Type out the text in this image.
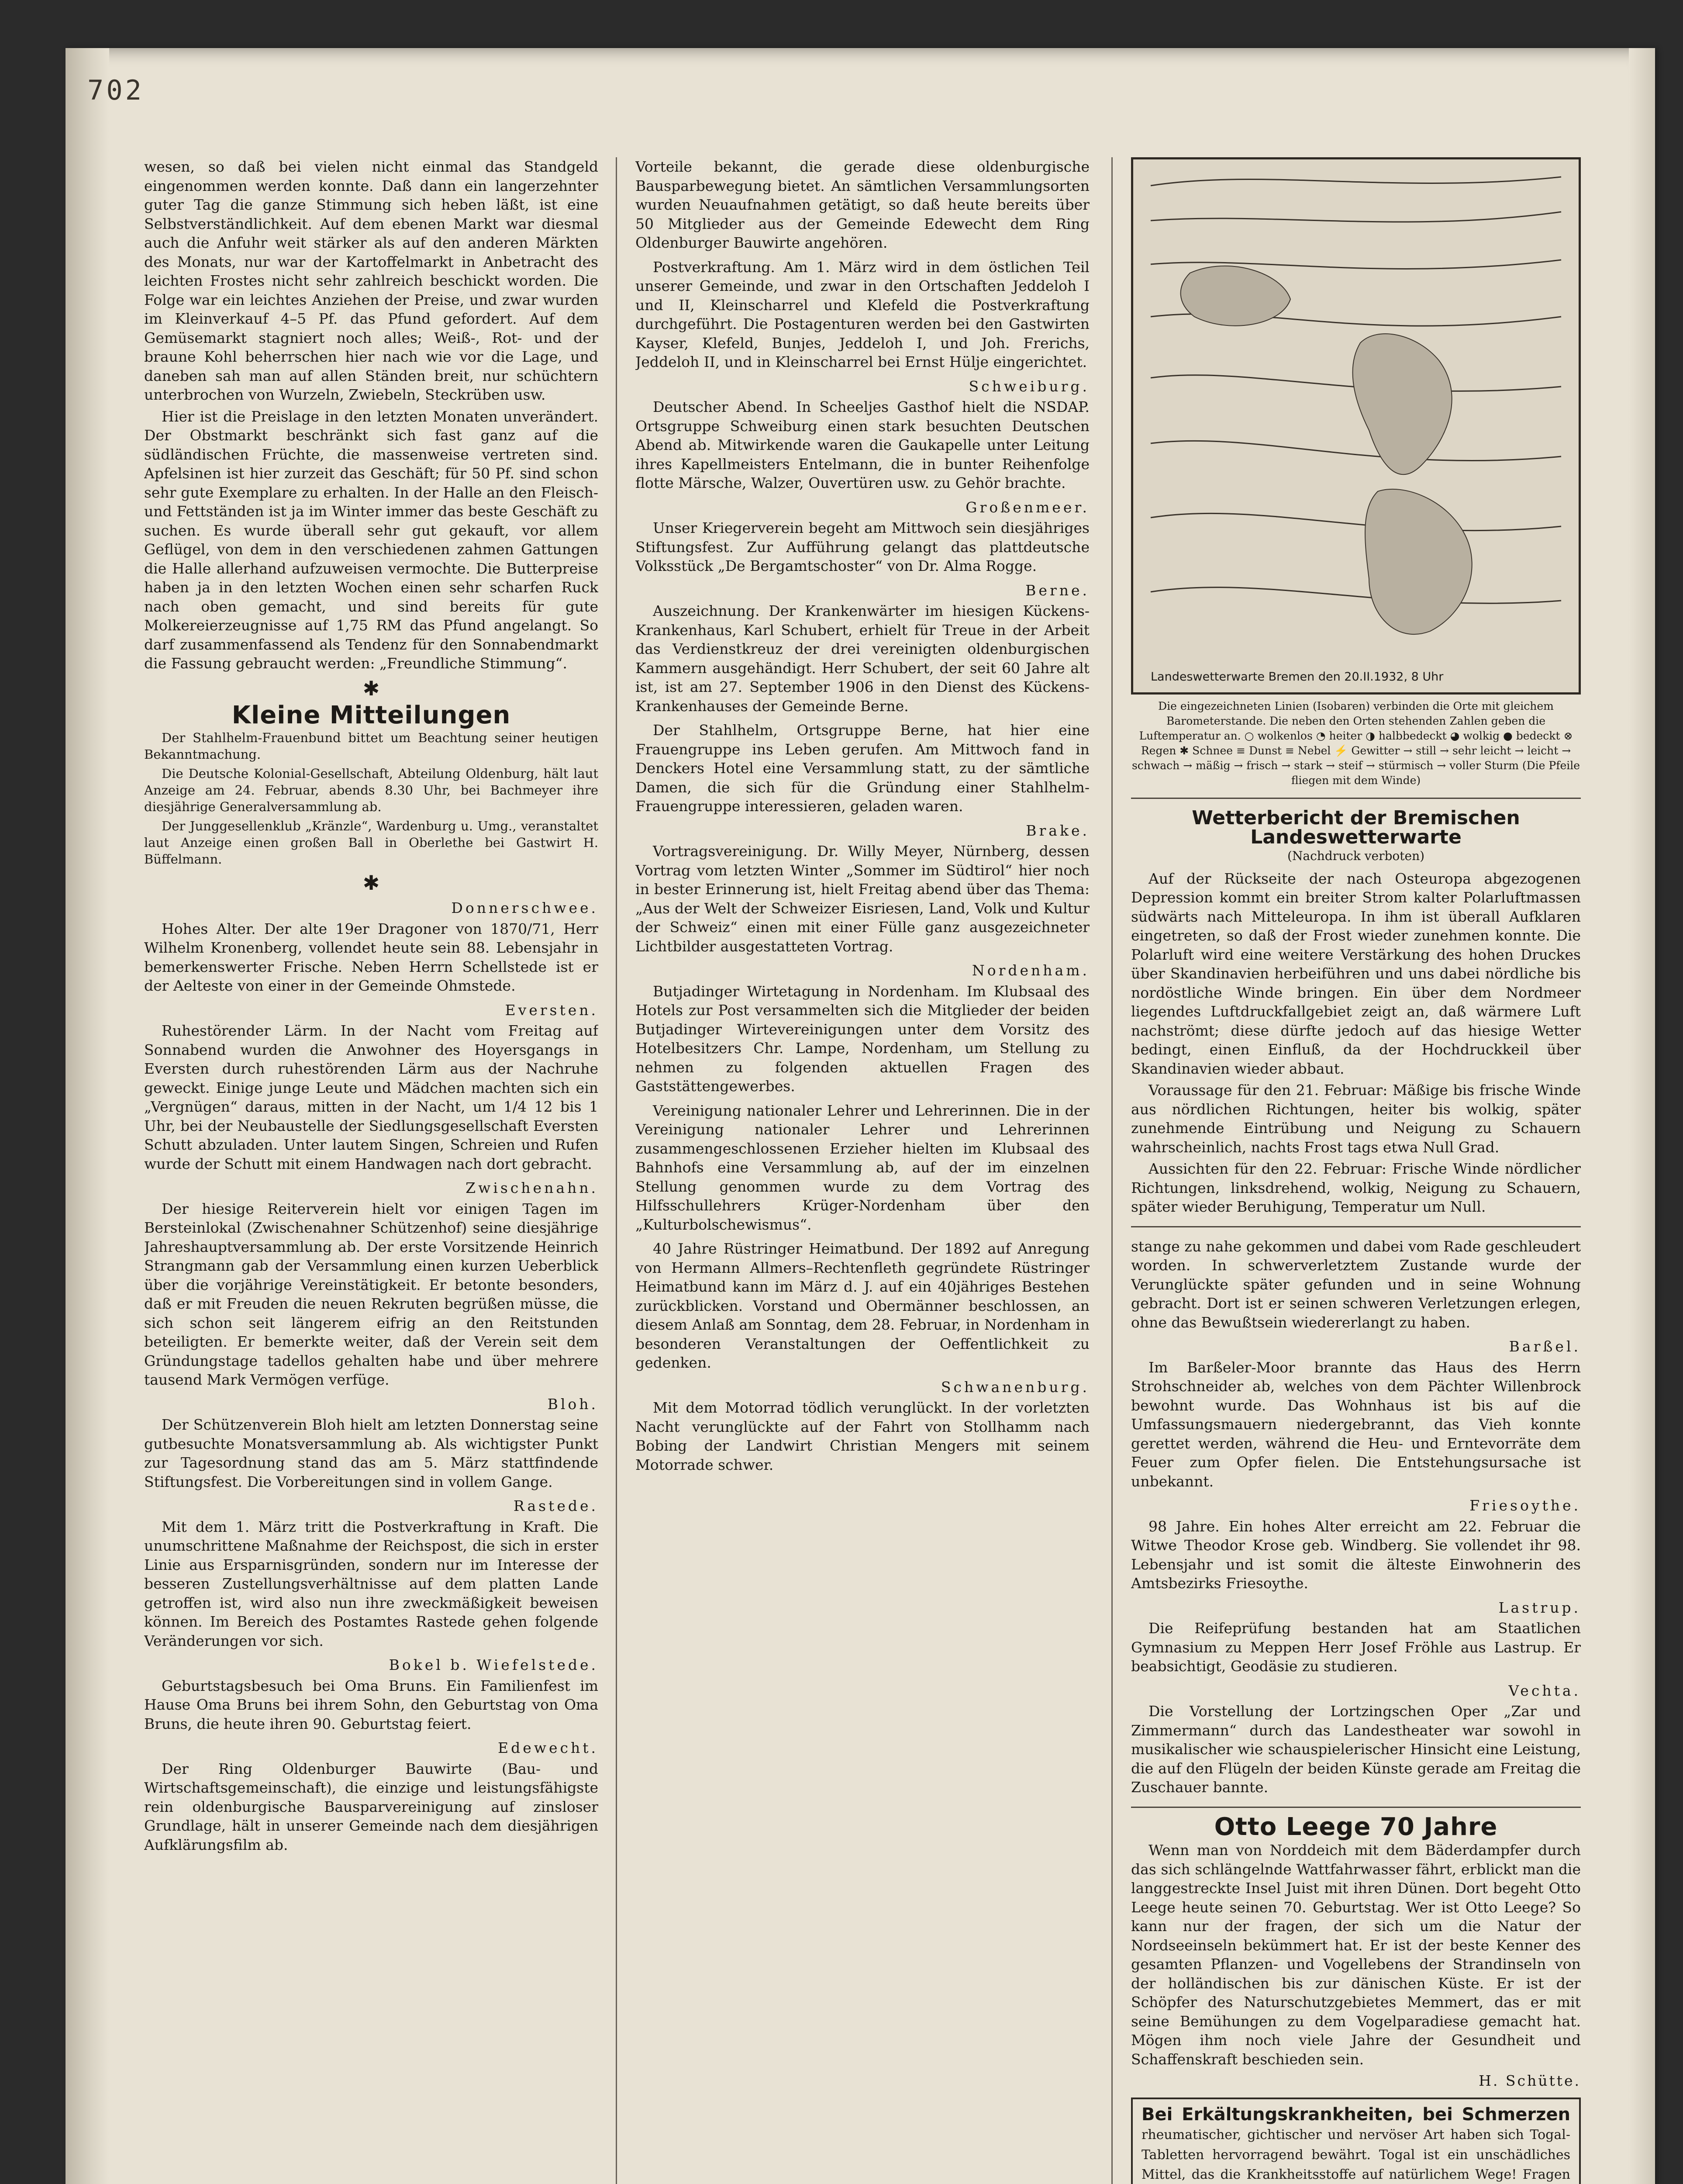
702

wesen, so daß bei vielen nicht einmal das Standgeld eingenommen werden konnte. Daß dann ein langerzehnter guter Tag die ganze Stimmung sich heben läßt, ist eine Selbstverständlichkeit. Auf dem ebenen Markt war diesmal auch die Anfuhr weit stärker als auf den anderen Märkten des Monats, nur war der Kartoffelmarkt in Anbetracht des leichten Frostes nicht sehr zahlreich beschickt worden. Die Folge war ein leichtes Anziehen der Preise, und zwar wurden im Kleinverkauf 4–5 Pf. das Pfund gefordert. Auf dem Gemüsemarkt stagniert noch alles; Weiß-, Rot- und der braune Kohl beherrschen hier nach wie vor die Lage, und daneben sah man auf allen Ständen breit, nur schüchtern unterbrochen von Wurzeln, Zwiebeln, Steckrüben usw.

Hier ist die Preislage in den letzten Monaten unverändert. Der Obstmarkt beschränkt sich fast ganz auf die südländischen Früchte, die massenweise vertreten sind. Apfelsinen ist hier zurzeit das Geschäft; für 50 Pf. sind schon sehr gute Exemplare zu erhalten. In der Halle an den Fleisch- und Fettständen ist ja im Winter immer das beste Geschäft zu suchen. Es wurde überall sehr gut gekauft, vor allem Geflügel, von dem in den verschiedenen zahmen Gattungen die Halle allerhand aufzuweisen vermochte. Die Butterpreise haben ja in den letzten Wochen einen sehr scharfen Ruck nach oben gemacht, und sind bereits für gute Molkereierzeugnisse auf 1,75 RM das Pfund angelangt. So darf zusammenfassend als Tendenz für den Sonnabendmarkt die Fassung gebraucht werden: „Freundliche Stimmung“.

✱
Kleine Mitteilungen

Der Stahlhelm-Frauenbund bittet um Beachtung seiner heutigen Bekanntmachung.

Die Deutsche Kolonial-Gesellschaft, Abteilung Oldenburg, hält laut Anzeige am 24. Februar, abends 8.30 Uhr, bei Bachmeyer ihre diesjährige Generalversammlung ab.

Der Junggesellenklub „Kränzle“, Wardenburg u. Umg., veranstaltet laut Anzeige einen großen Ball in Oberlethe bei Gastwirt H. Büffelmann.

✱
Donnerschwee.

Hohes Alter. Der alte 19er Dragoner von 1870/71, Herr Wilhelm Kronenberg, vollendet heute sein 88. Lebensjahr in bemerkenswerter Frische. Neben Herrn Schellstede ist er der Aelteste von einer in der Gemeinde Ohmstede.

Eversten.

Ruhestörender Lärm. In der Nacht vom Freitag auf Sonnabend wurden die Anwohner des Hoyersgangs in Eversten durch ruhestörenden Lärm aus der Nachruhe geweckt. Einige junge Leute und Mädchen machten sich ein „Vergnügen“ daraus, mitten in der Nacht, um 1/4 12 bis 1 Uhr, bei der Neubaustelle der Siedlungsgesellschaft Eversten Schutt abzuladen. Unter lautem Singen, Schreien und Rufen wurde der Schutt mit einem Handwagen nach dort gebracht.

Zwischenahn.

Der hiesige Reiterverein hielt vor einigen Tagen im Bersteinlokal (Zwischenahner Schützenhof) seine diesjährige Jahreshauptversammlung ab. Der erste Vorsitzende Heinrich Strangmann gab der Versammlung einen kurzen Ueberblick über die vorjährige Vereinstätigkeit. Er betonte besonders, daß er mit Freuden die neuen Rekruten begrüßen müsse, die sich schon seit längerem eifrig an den Reitstunden beteiligten. Er bemerkte weiter, daß der Verein seit dem Gründungstage tadellos gehalten habe und über mehrere tausend Mark Vermögen verfüge.

Bloh.

Der Schützenverein Bloh hielt am letzten Donnerstag seine gutbesuchte Monatsversammlung ab. Als wichtigster Punkt zur Tagesordnung stand das am 5. März stattfindende Stiftungsfest. Die Vorbereitungen sind in vollem Gange.

Rastede.

Mit dem 1. März tritt die Postverkraftung in Kraft. Die unumschrittene Maßnahme der Reichspost, die sich in erster Linie aus Ersparnisgründen, sondern nur im Interesse der besseren Zustellungsverhältnisse auf dem platten Lande getroffen ist, wird also nun ihre zweckmäßigkeit beweisen können. Im Bereich des Postamtes Rastede gehen folgende Veränderungen vor sich.

Bokel b. Wiefelstede.

Geburtstagsbesuch bei Oma Bruns. Ein Familienfest im Hause Oma Bruns bei ihrem Sohn, den Geburtstag von Oma Bruns, die heute ihren 90. Geburtstag feiert.

Edewecht.

Der Ring Oldenburger Bauwirte (Bau- und Wirtschaftsgemeinschaft), die einzige und leistungsfähigste rein oldenburgische Bausparvereinigung auf zinsloser Grundlage, hält in unserer Gemeinde nach dem diesjährigen Aufklärungsfilm ab.

Vorteile bekannt, die gerade diese oldenburgische Bausparbewegung bietet. An sämtlichen Versammlungsorten wurden Neuaufnahmen getätigt, so daß heute bereits über 50 Mitglieder aus der Gemeinde Edewecht dem Ring Oldenburger Bauwirte angehören.

Postverkraftung. Am 1. März wird in dem östlichen Teil unserer Gemeinde, und zwar in den Ortschaften Jeddeloh I und II, Kleinscharrel und Klefeld die Postverkraftung durchgeführt. Die Postagenturen werden bei den Gastwirten Kayser, Klefeld, Bunjes, Jeddeloh I, und Joh. Frerichs, Jeddeloh II, und in Kleinscharrel bei Ernst Hülje eingerichtet.

Schweiburg.

Deutscher Abend. In Scheeljes Gasthof hielt die NSDAP. Ortsgruppe Schweiburg einen stark besuchten Deutschen Abend ab. Mitwirkende waren die Gaukapelle unter Leitung ihres Kapellmeisters Entelmann, die in bunter Reihenfolge flotte Märsche, Walzer, Ouvertüren usw. zu Gehör brachte.

Großenmeer.

Unser Kriegerverein begeht am Mittwoch sein diesjähriges Stiftungsfest. Zur Aufführung gelangt das plattdeutsche Volksstück „De Bergamtschoster“ von Dr. Alma Rogge.

Berne.

Auszeichnung. Der Krankenwärter im hiesigen Kückens-Krankenhaus, Karl Schubert, erhielt für Treue in der Arbeit das Verdienstkreuz der drei vereinigten oldenburgischen Kammern ausgehändigt. Herr Schubert, der seit 60 Jahre alt ist, ist am 27. September 1906 in den Dienst des Kückens-Krankenhauses der Gemeinde Berne.

Der Stahlhelm, Ortsgruppe Berne, hat hier eine Frauengruppe ins Leben gerufen. Am Mittwoch fand in Denckers Hotel eine Versammlung statt, zu der sämtliche Damen, die sich für die Gründung einer Stahlhelm-Frauengruppe interessieren, geladen waren.

Brake.

Vortragsvereinigung. Dr. Willy Meyer, Nürnberg, dessen Vortrag vom letzten Winter „Sommer im Südtirol“ hier noch in bester Erinnerung ist, hielt Freitag abend über das Thema: „Aus der Welt der Schweizer Eisriesen, Land, Volk und Kultur der Schweiz“ einen mit einer Fülle ganz ausgezeichneter Lichtbilder ausgestatteten Vortrag.

Nordenham.

Butjadinger Wirtetagung in Nordenham. Im Klubsaal des Hotels zur Post versammelten sich die Mitglieder der beiden Butjadinger Wirtevereinigungen unter dem Vorsitz des Hotelbesitzers Chr. Lampe, Nordenham, um Stellung zu nehmen zu folgenden aktuellen Fragen des Gaststättengewerbes.

Vereinigung nationaler Lehrer und Lehrerinnen. Die in der Vereinigung nationaler Lehrer und Lehrerinnen zusammengeschlossenen Erzieher hielten im Klubsaal des Bahnhofs eine Versammlung ab, auf der im einzelnen Stellung genommen wurde zu dem Vortrag des Hilfsschullehrers Krüger-Nordenham über den „Kulturbolschewismus“.

40 Jahre Rüstringer Heimatbund. Der 1892 auf Anregung von Hermann Allmers–Rechtenfleth gegründete Rüstringer Heimatbund kann im März d. J. auf ein 40jähriges Bestehen zurückblicken. Vorstand und Obermänner beschlossen, an diesem Anlaß am Sonntag, dem 28. Februar, in Nordenham in besonderen Veranstaltungen der Oeffentlichkeit zu gedenken.

Schwanenburg.

Mit dem Motorrad tödlich verunglückt. In der vorletzten Nacht verunglückte auf der Fahrt von Stollhamm nach Bobing der Landwirt Christian Mengers mit seinem Motorrade schwer.

Landeswetterwarte Bremen den 20.II.1932, 8 Uhr
Die eingezeichneten Linien (Isobaren) verbinden die Orte mit gleichem Barometerstande. Die neben den Orten stehenden Zahlen geben die Luftemperatur an. ○ wolkenlos ◔ heiter ◑ halbbedeckt ◕ wolkig ● bedeckt ⊗ Regen ✱ Schnee ≡ Dunst ≡ Nebel ⚡ Gewitter → still → sehr leicht → leicht → schwach → mäßig → frisch → stark → steif → stürmisch → voller Sturm (Die Pfeile fliegen mit dem Winde)
Wetterbericht der Bremischen Landeswetterwarte
(Nachdruck verboten)

Auf der Rückseite der nach Osteuropa abgezogenen Depression kommt ein breiter Strom kalter Polarluftmassen südwärts nach Mitteleuropa. In ihm ist überall Aufklaren eingetreten, so daß der Frost wieder zunehmen konnte. Die Polarluft wird eine weitere Verstärkung des hohen Druckes über Skandinavien herbeiführen und uns dabei nördliche bis nordöstliche Winde bringen. Ein über dem Nordmeer liegendes Luftdruckfallgebiet zeigt an, daß wärmere Luft nachströmt; diese dürfte jedoch auf das hiesige Wetter bedingt, einen Einfluß, da der Hochdruckkeil über Skandinavien wieder abbaut.

Voraussage für den 21. Februar: Mäßige bis frische Winde aus nördlichen Richtungen, heiter bis wolkig, später zunehmende Eintrübung und Neigung zu Schauern wahrscheinlich, nachts Frost tags etwa Null Grad.

Aussichten für den 22. Februar: Frische Winde nördlicher Richtungen, linksdrehend, wolkig, Neigung zu Schauern, später wieder Beruhigung, Temperatur um Null.

stange zu nahe gekommen und dabei vom Rade geschleudert worden. In schwerverletztem Zustande wurde der Verunglückte später gefunden und in seine Wohnung gebracht. Dort ist er seinen schweren Verletzungen erlegen, ohne das Bewußtsein wiedererlangt zu haben.

Barßel.

Im Barßeler-Moor brannte das Haus des Herrn Strohschneider ab, welches von dem Pächter Willenbrock bewohnt wurde. Das Wohnhaus ist bis auf die Umfassungsmauern niedergebrannt, das Vieh konnte gerettet werden, während die Heu- und Erntevorräte dem Feuer zum Opfer fielen. Die Entstehungsursache ist unbekannt.

Friesoythe.

98 Jahre. Ein hohes Alter erreicht am 22. Februar die Witwe Theodor Krose geb. Windberg. Sie vollendet ihr 98. Lebensjahr und ist somit die älteste Einwohnerin des Amtsbezirks Friesoythe.

Lastrup.

Die Reifeprüfung bestanden hat am Staatlichen Gymnasium zu Meppen Herr Josef Fröhle aus Lastrup. Er beabsichtigt, Geodäsie zu studieren.

Vechta.

Die Vorstellung der Lortzingschen Oper „Zar und Zimmermann“ durch das Landestheater war sowohl in musikalischer wie schauspielerischer Hinsicht eine Leistung, die auf den Flügeln der beiden Künste gerade am Freitag die Zuschauer bannte.

Otto Leege 70 Jahre

Wenn man von Norddeich mit dem Bäderdampfer durch das sich schlängelnde Wattfahrwasser fährt, erblickt man die langgestreckte Insel Juist mit ihren Dünen. Dort begeht Otto Leege heute seinen 70. Geburtstag. Wer ist Otto Leege? So kann nur der fragen, der sich um die Natur der Nordseeinseln bekümmert hat. Er ist der beste Kenner des gesamten Pflanzen- und Vogellebens der Strandinseln von der holländischen bis zur dänischen Küste. Er ist der Schöpfer des Naturschutzgebietes Memmert, das er mit seine Bemühungen zu dem Vogelparadiese gemacht hat. Mögen ihm noch viele Jahre der Gesundheit und Schaffenskraft beschieden sein.

H. Schütte.
Bei Erkältungskrankheiten, bei Schmerzen rheumatischer, gichtischer und nervöser Art haben sich Togal-Tabletten hervorragend bewährt. Togal ist ein unschädliches Mittel, das die Krankheitsstoffe auf natürlichem Wege! Fragen
